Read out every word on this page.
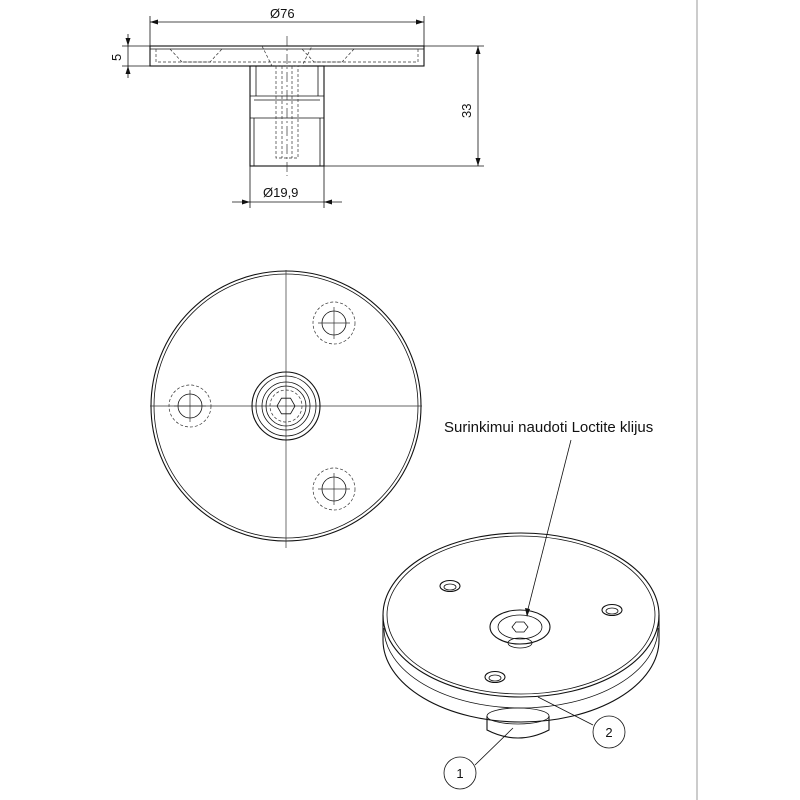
Ø76
5
33
Ø19,9
Surinkimui naudoti Loctite klijus
1
2
